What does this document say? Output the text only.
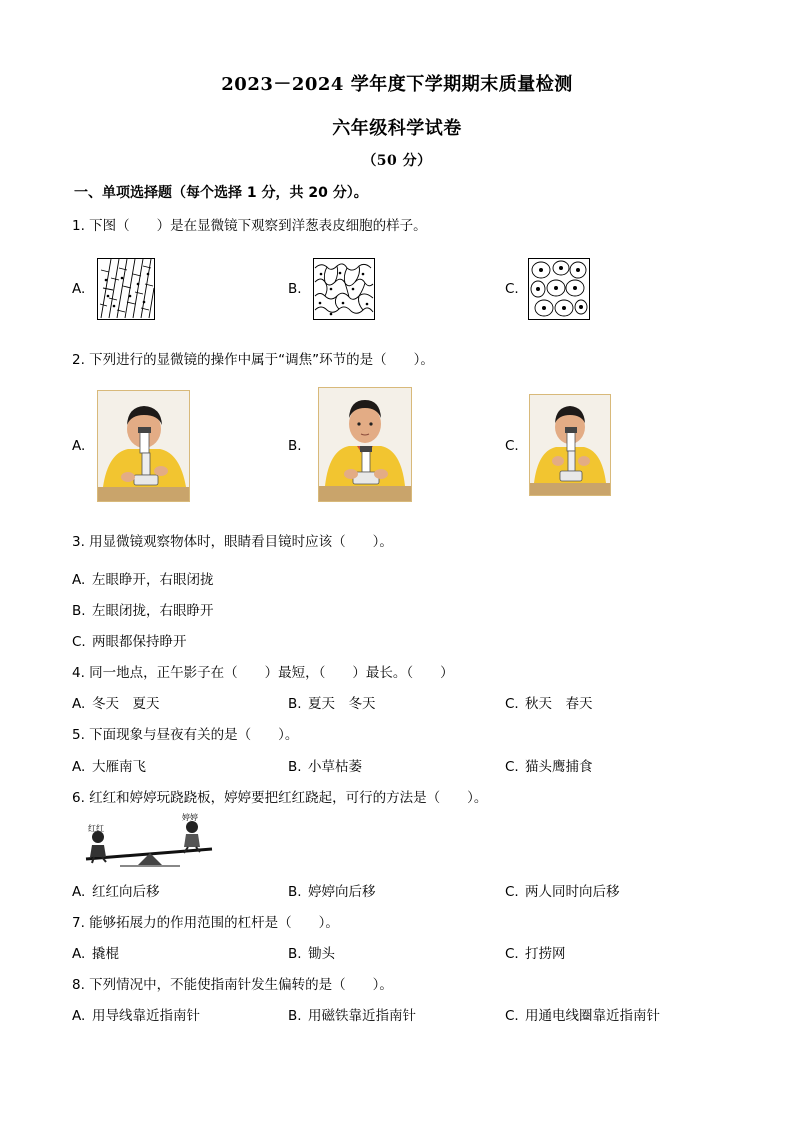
2023－2024 学年度下学期期末质量检测
六年级科学试卷
（50 分）
一、单项选择题（每个选择 1 分，共 20 分）。
1. 下图（　　）是在显微镜下观察到洋葱表皮细胞的样子。
A.	B.	C.
2. 下列进行的显微镜的操作中属于“调焦”环节的是（　　）。
A.	B.	C.
3. 用显微镜观察物体时，眼睛看目镜时应该（　　）。
A. 左眼睁开，右眼闭拢
B. 左眼闭拢，右眼睁开
C. 两眼都保持睁开
4. 同一地点，正午影子在（　　）最短，（　　）最长。（　　）
A. 冬天　夏天	B. 夏天　冬天	C. 秋天　春天
5. 下面现象与昼夜有关的是（　　）。
A. 大雁南飞	B. 小草枯萎	C. 猫头鹰捕食
6. 红红和婷婷玩跷跷板，婷婷要把红红跷起，可行的方法是（　　）。
红红
婷婷
A. 红红向后移	B. 婷婷向后移	C. 两人同时向后移
7. 能够拓展力的作用范围的杠杆是（　　）。
A. 撬棍	B. 锄头	C. 打捞网
8. 下列情况中，不能使指南针发生偏转的是（　　）。
A. 用导线靠近指南针	B. 用磁铁靠近指南针	C. 用通电线圈靠近指南针
